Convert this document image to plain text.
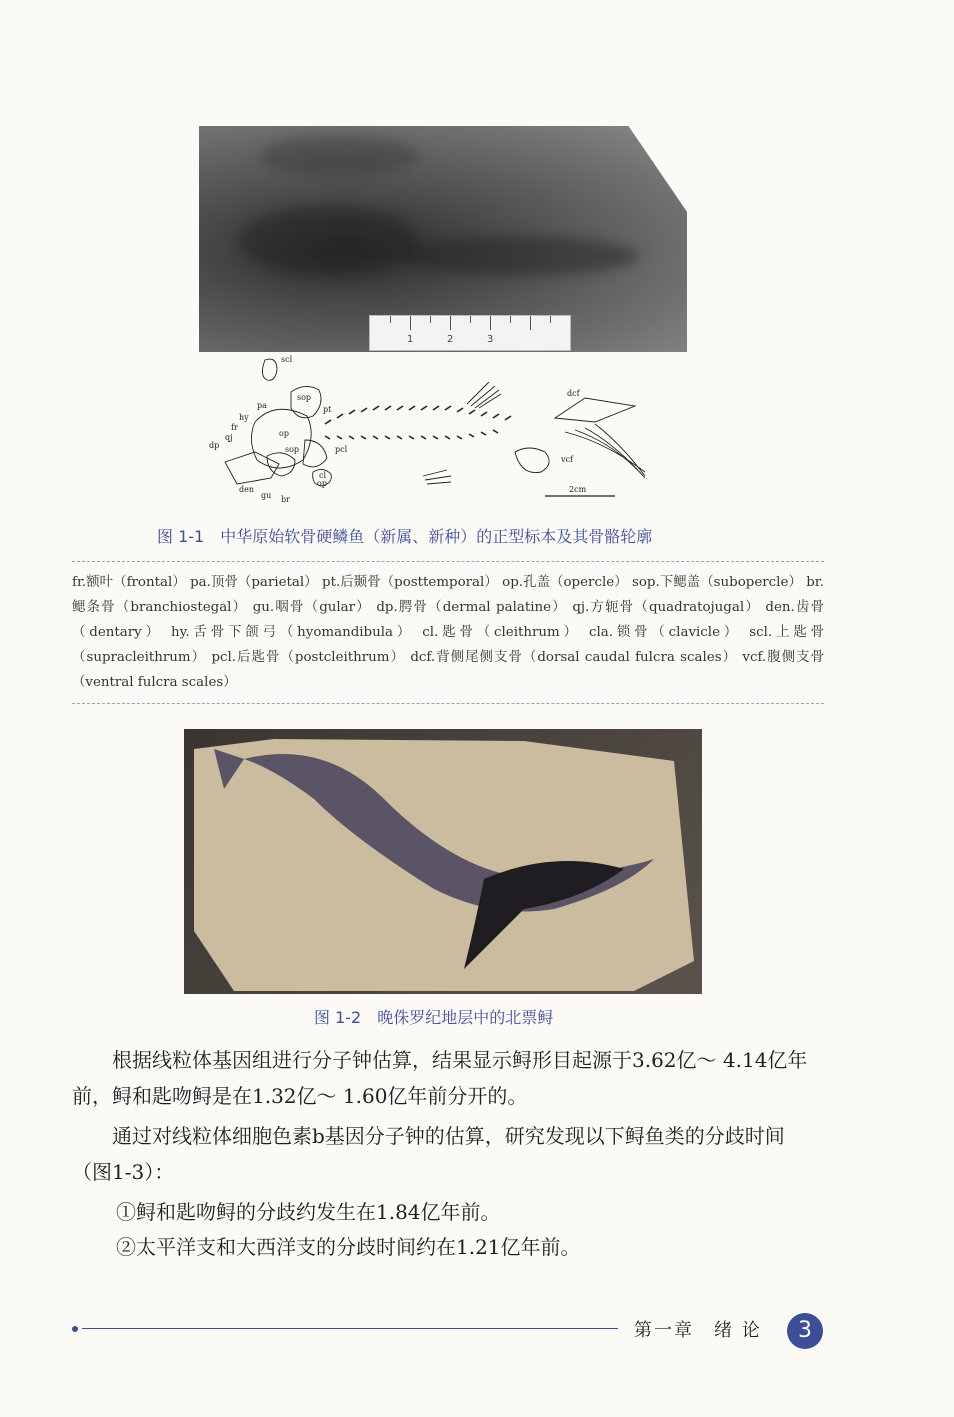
1	2	3
scl
pa
sop
pt
hy
fr
qj	op
dp	sop	pcl
cl
den
gu br
op
dcf
vcf
2cm
图 1-1　中华原始软骨硬鳞鱼（新属、新种）的正型标本及其骨骼轮廓
fr.额叶（frontal） pa.顶骨（parietal） pt.后颞骨（posttemporal） op.孔盖（opercle） sop.下鳃盖（subopercle） br.鳃条骨（branchiostegal） gu.咽骨（gular） dp.腭骨（dermal palatine） qj.方轭骨（quadratojugal） den.齿骨（dentary） hy.舌骨下颌弓（hyomandibula） cl.匙骨（cleithrum） cla.锁骨（clavicle） scl.上匙骨（supracleithrum） pcl.后匙骨（postcleithrum） dcf.背侧尾侧支骨（dorsal caudal fulcra scales） vcf.腹侧支骨（ventral fulcra scales）
图 1-2　晚侏罗纪地层中的北票鲟
根据线粒体基因组进行分子钟估算，结果显示鲟形目起源于3.62亿～ 4.14亿年前，鲟和匙吻鲟是在1.32亿～ 1.60亿年前分开的。
通过对线粒体细胞色素b基因分子钟的估算，研究发现以下鲟鱼类的分歧时间（图1-3）：
①鲟和匙吻鲟的分歧约发生在1.84亿年前。
②太平洋支和大西洋支的分歧时间约在1.21亿年前。
第一章　绪 论	3
